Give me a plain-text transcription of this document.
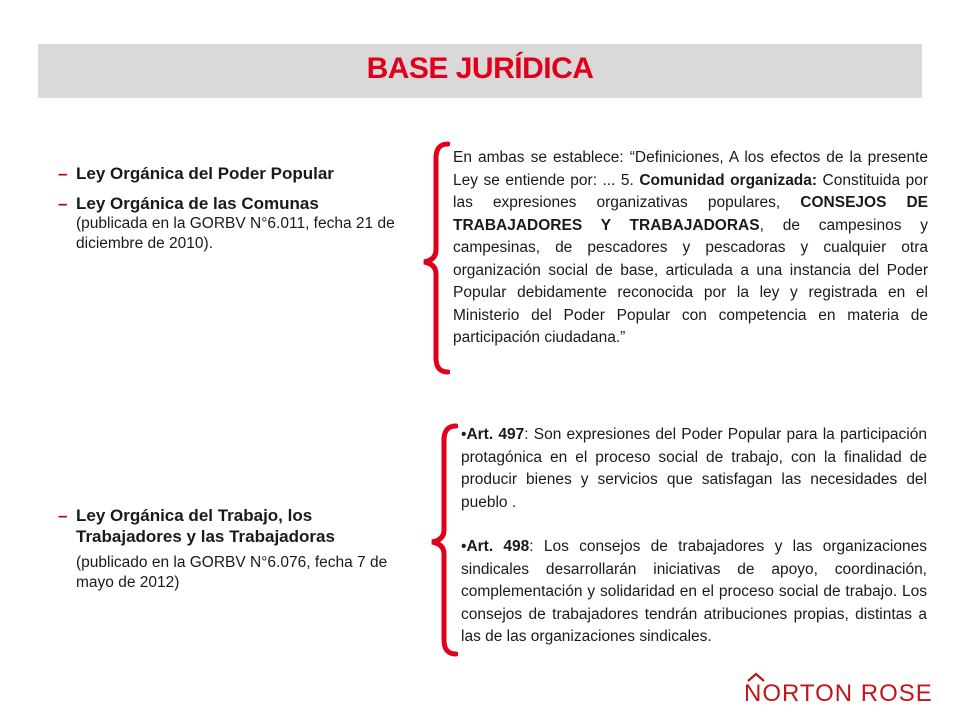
BASE JURÍDICA
– Ley Orgánica del Poder Popular
– Ley Orgánica de las Comunas
(publicada en la GORBV N°6.011, fecha 21 de diciembre de 2010).
– Ley Orgánica del Trabajo, los Trabajadores y las Trabajadoras
(publicado en la GORBV N°6.076, fecha 7 de mayo de 2012)
En ambas se establece: “Definiciones, A los efectos de la presente Ley se entiende por: ... 5. Comunidad organizada: Constituida por las expresiones organizativas populares, CONSEJOS DE TRABAJADORES Y TRABAJADORAS, de campesinos y campesinas, de pescadores y pescadoras y cualquier otra organización social de base, articulada a una instancia del Poder Popular debidamente reconocida por la ley y registrada en el Ministerio del Poder Popular con competencia en materia de participación ciudadana.”

•Art. 497: Son expresiones del Poder Popular para la participación protagónica en el proceso social de trabajo, con la finalidad de producir bienes y servicios que satisfagan las necesidades del pueblo .

•Art. 498: Los consejos de trabajadores y las organizaciones sindicales desarrollarán iniciativas de apoyo, coordinación, complementación y solidaridad en el proceso social de trabajo. Los consejos de trabajadores tendrán atribuciones propias, distintas a las de las organizaciones sindicales.

NORTON ROSE
